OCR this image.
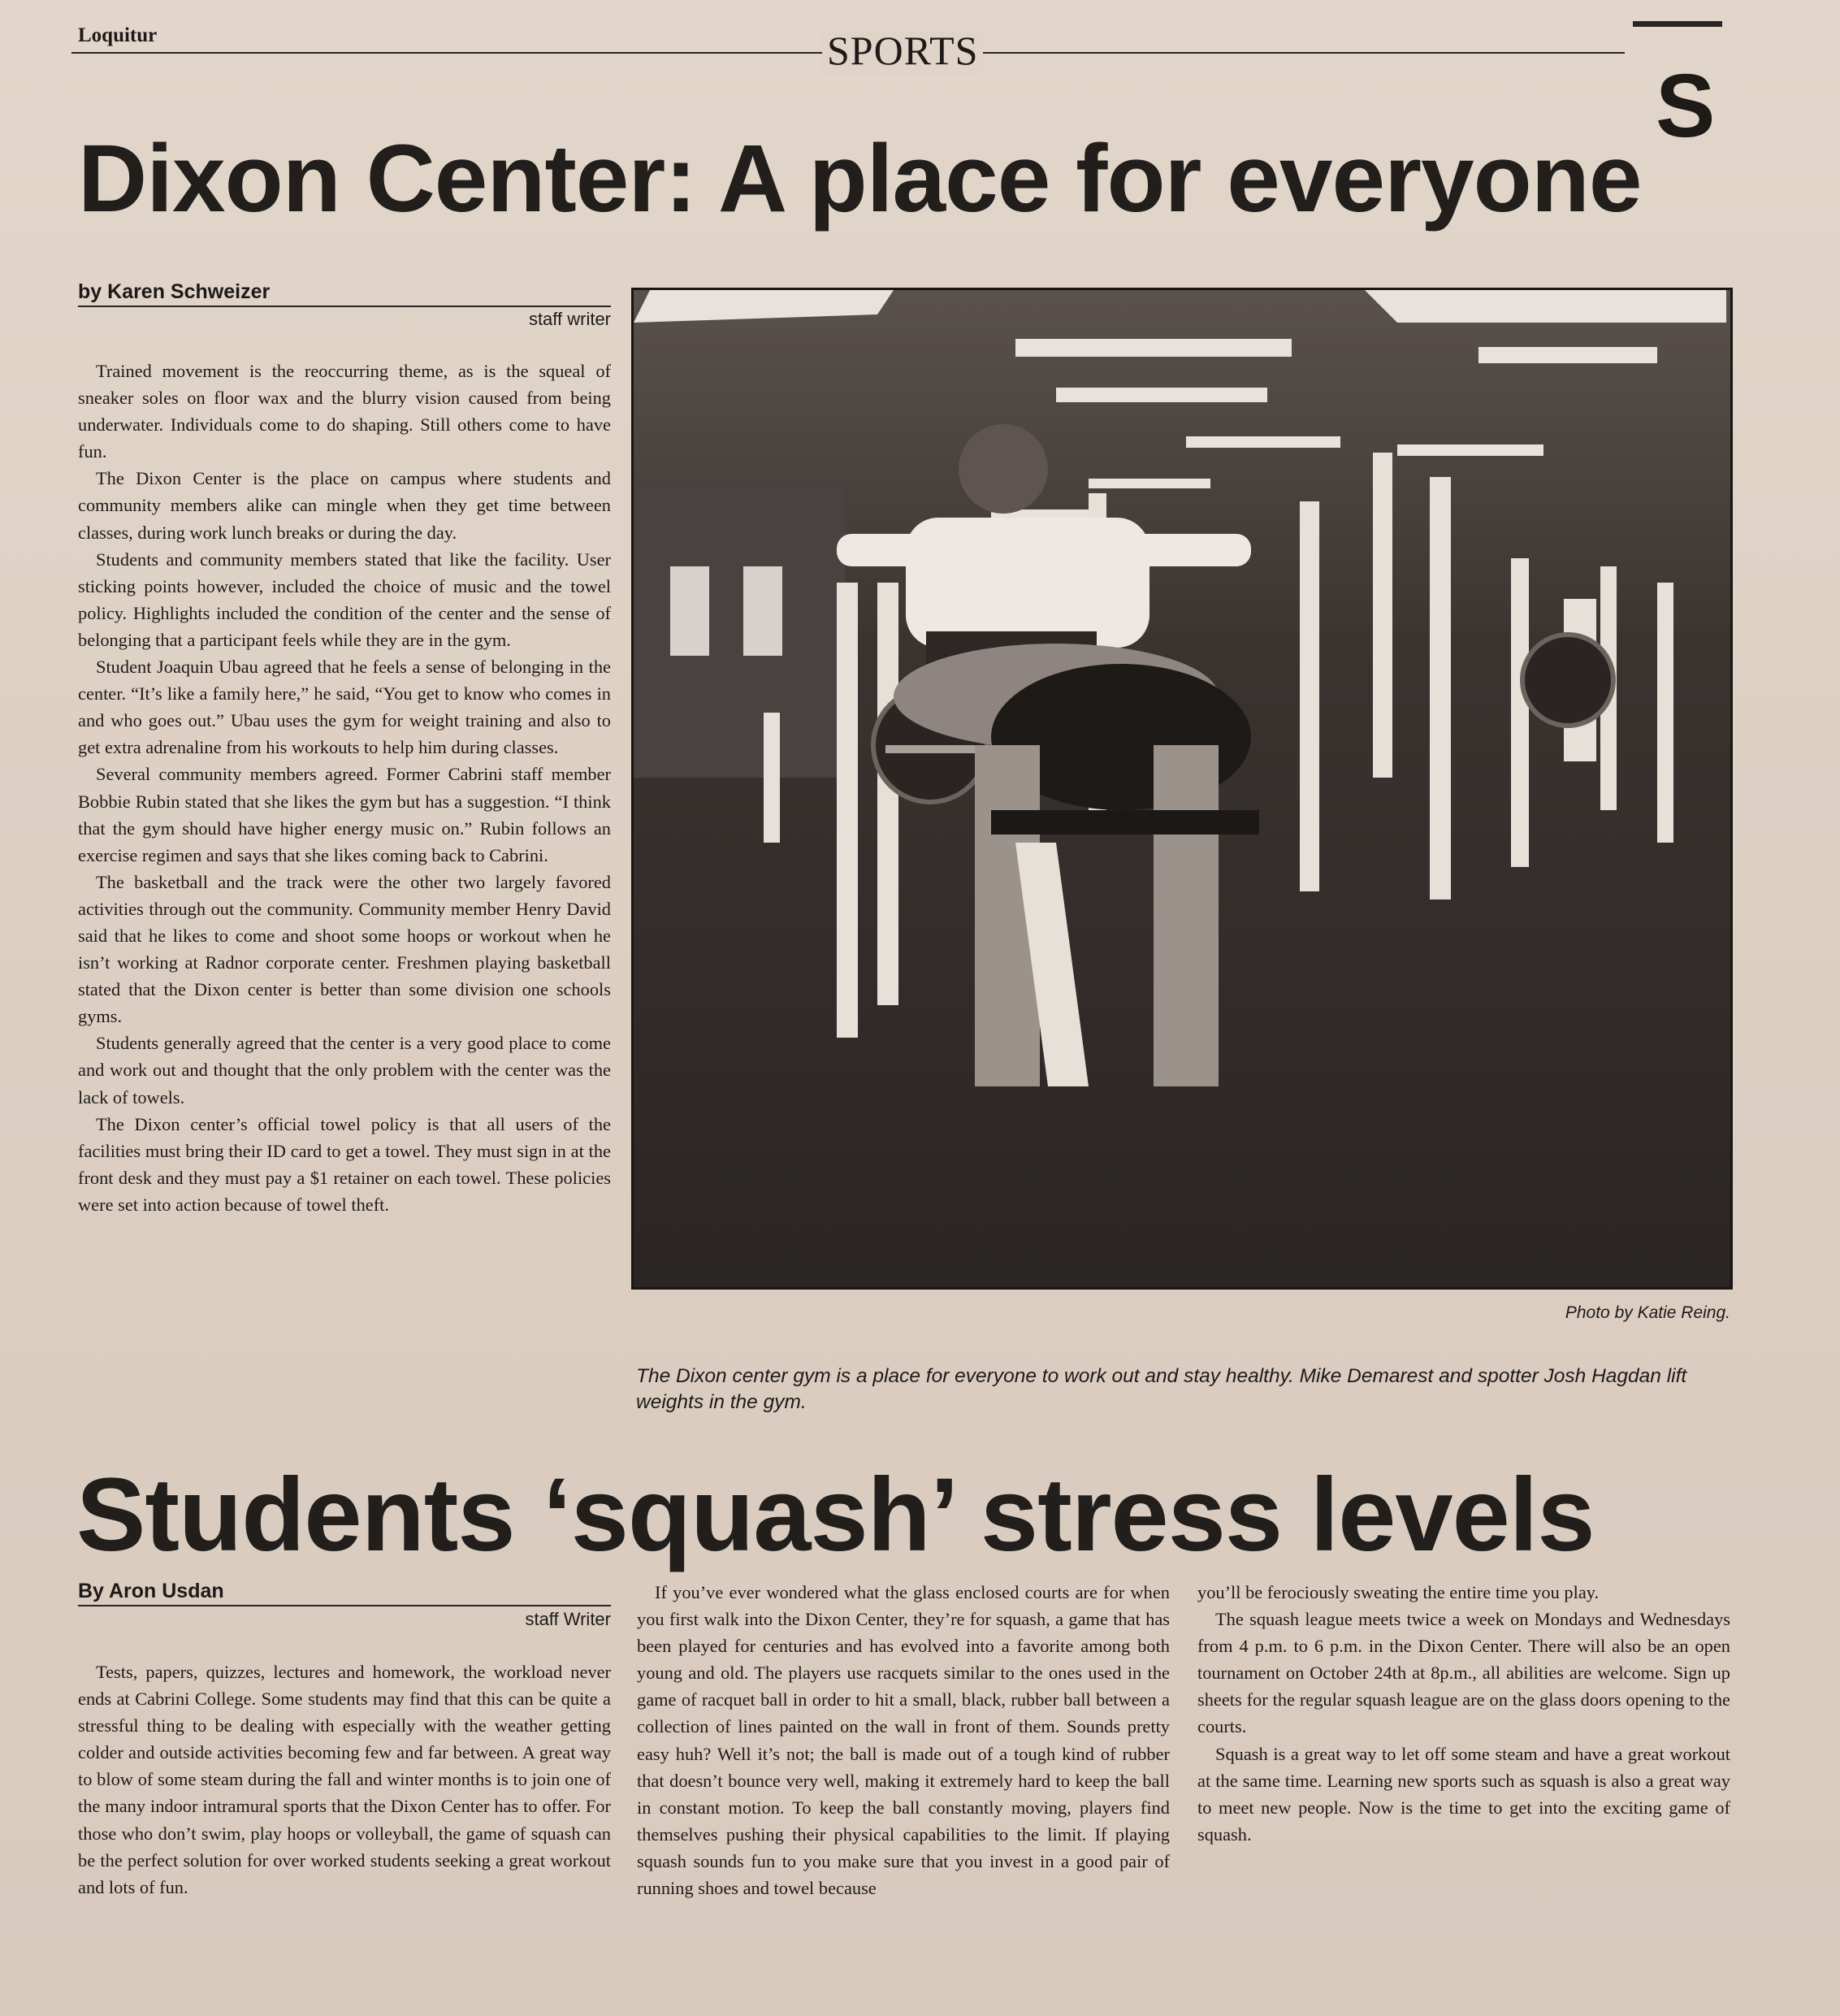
Loquitur	SPORTS
S
Dixon Center: A place for everyone
by Karen Schweizer
staff writer

Trained movement is the reoccurring theme, as is the squeal of sneaker soles on floor wax and the blurry vision caused from being underwater. Individuals come to do shaping. Still others come to have fun.

The Dixon Center is the place on campus where students and community members alike can mingle when they get time between classes, during work lunch breaks or during the day.

Students and community members stated that like the facility. User sticking points however, included the choice of music and the towel policy. Highlights included the condition of the center and the sense of belonging that a participant feels while they are in the gym.

Student Joaquin Ubau agreed that he feels a sense of belonging in the center. “It’s like a family here,” he said, “You get to know who comes in and who goes out.” Ubau uses the gym for weight training and also to get extra adrenaline from his workouts to help him during classes.

Several community members agreed. Former Cabrini staff member Bobbie Rubin stated that she likes the gym but has a suggestion. “I think that the gym should have higher energy music on.” Rubin follows an exercise regimen and says that she likes coming back to Cabrini.

The basketball and the track were the other two largely favored activities through out the community. Community member Henry David said that he likes to come and shoot some hoops or workout when he isn’t working at Radnor corporate center. Freshmen playing basketball stated that the Dixon center is better than some division one schools gyms.

Students generally agreed that the center is a very good place to come and work out and thought that the only problem with the center was the lack of towels.

The Dixon center’s official towel policy is that all users of the facilities must bring their ID card to get a towel. They must sign in at the front desk and they must pay a $1 retainer on each towel. These policies were set into action because of towel theft.

Photo by Katie Reing.
The Dixon center gym is a place for everyone to work out and stay healthy. Mike Demarest and spotter Josh Hagdan lift weights in the gym.
Students ‘squash’ stress levels
By Aron Usdan
staff Writer

Tests, papers, quizzes, lectures and homework, the workload never ends at Cabrini College. Some students may find that this can be quite a stressful thing to be dealing with especially with the weather getting colder and outside activities becoming few and far between. A great way to blow of some steam during the fall and winter months is to join one of the many indoor intramural sports that the Dixon Center has to offer. For those who don’t swim, play hoops or volleyball, the game of squash can be the perfect solution for over worked students seeking a great workout and lots of fun.

If you’ve ever wondered what the glass enclosed courts are for when you first walk into the Dixon Center, they’re for squash, a game that has been played for centuries and has evolved into a favorite among both young and old. The players use racquets similar to the ones used in the game of racquet ball in order to hit a small, black, rubber ball between a collection of lines painted on the wall in front of them. Sounds pretty easy huh? Well it’s not; the ball is made out of a tough kind of rubber that doesn’t bounce very well, making it extremely hard to keep the ball in constant motion. To keep the ball constantly moving, players find themselves pushing their physical capabilities to the limit. If playing squash sounds fun to you make sure that you invest in a good pair of running shoes and towel because

you’ll be ferociously sweating the entire time you play.

The squash league meets twice a week on Mondays and Wednesdays from 4 p.m. to 6 p.m. in the Dixon Center. There will also be an open tournament on October 24th at 8p.m., all abilities are welcome. Sign up sheets for the regular squash league are on the glass doors opening to the courts.

Squash is a great way to let off some steam and have a great workout at the same time. Learning new sports such as squash is also a great way to meet new people. Now is the time to get into the exciting game of squash.
